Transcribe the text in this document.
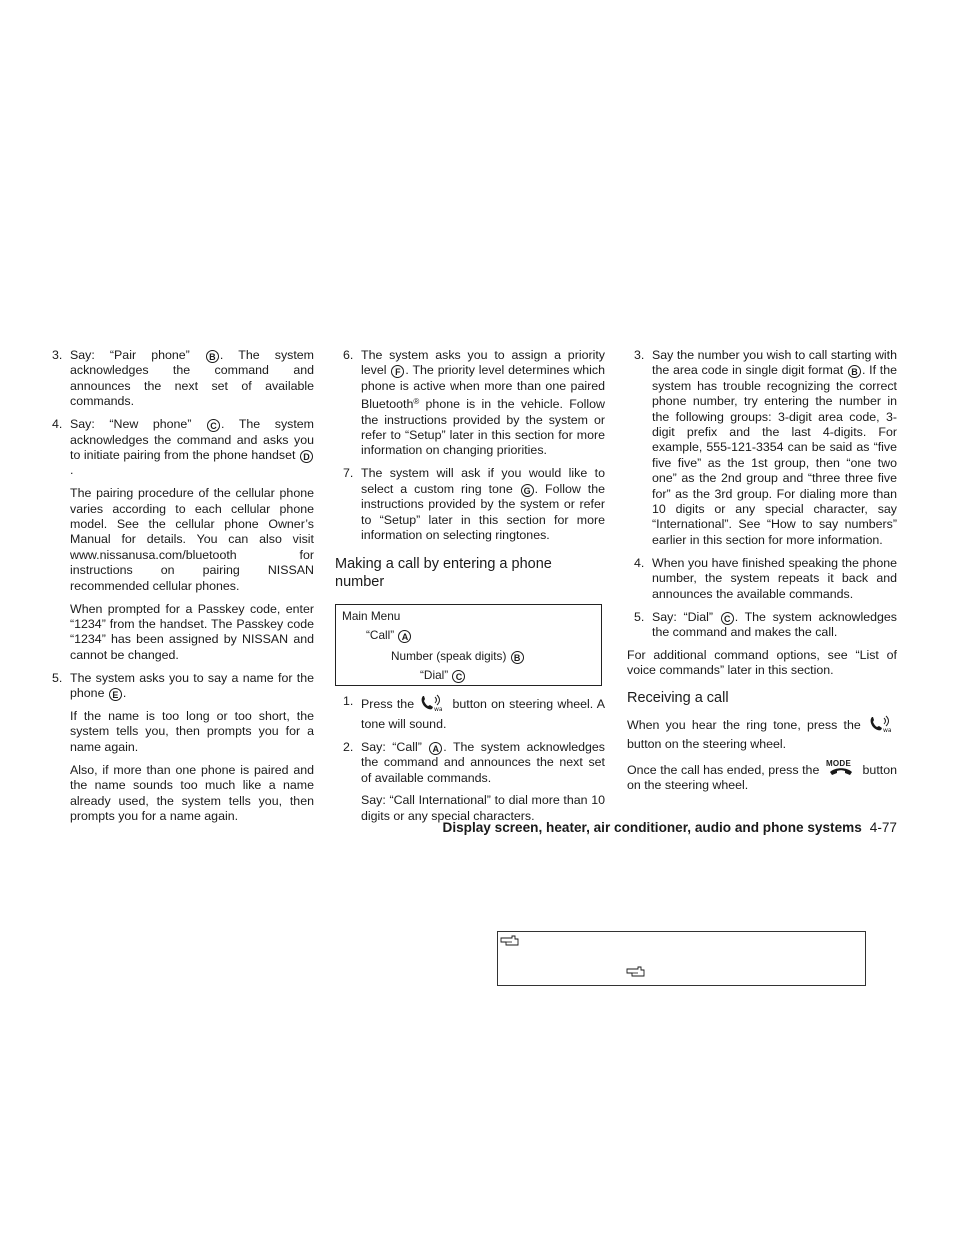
3. Say: “Pair phone” B . The system acknowledges the command and announces the next set of available commands.
4. Say: “New phone” C . The system acknowledges the command and asks you to initiate pairing from the phone handset D.
The pairing procedure of the cellular phone varies according to each cellular phone model. See the cellular phone Owner’s Manual for details. You can also visit www.nissanusa.com/bluetooth for instructions on pairing NISSAN recommended cellular phones.
When prompted for a Passkey code, enter “1234” from the handset. The Passkey code “1234” has been assigned by NISSAN and cannot be changed.
5. The system asks you to say a name for the phone E .
If the name is too long or too short, the system tells you, then prompts you for a name again.
Also, if more than one phone is paired and the name sounds too much like a name already used, the system tells you, then prompts you for a name again.
6. The system asks you to assign a priority level F . The priority level determines which phone is active when more than one paired Bluetooth® phone is in the vehicle. Follow the instructions provided by the system or refer to “Setup” later in this section for more information on changing priorities.
7. The system will ask if you would like to select a custom ring tone G . Follow the instructions provided by the system or refer to “Setup” later in this section for more information on selecting ringtones.
Making a call by entering a phone number
Main Menu
“Call” A
Number (speak digits) B
“Dial” C
1. Press the	wa button on steering wheel. A tone will sound.
2. Say: “Call” A . The system acknowledges the command and announces the next set of available commands.
Say: “Call International” to dial more than 10 digits or any special characters.
3. Say the number you wish to call starting with the area code in single digit format B . If the system has trouble recognizing the correct phone number, try entering the number in the following groups: 3-digit area code, 3-digit prefix and the last 4-digits. For example, 555-121-3354 can be said as “five five five” as the 1st group, then “one two one” as the 2nd group and “three three five for” as the 3rd group. For dialing more than 10 digits or any special character, say “International”. See “How to say numbers” earlier in this section for more information.
4. When you have finished speaking the phone number, the system repeats it back and announces the available commands.
5. Say: “Dial” C . The system acknowledges the command and makes the call.
For additional command options, see “List of voice commands” later in this section.
Receiving a call
When you hear the ring tone, press the	wa
button on the steering wheel.
Once the call has ended, press the MODE button on the steering wheel.
Display screen, heater, air conditioner, audio and phone systems 4-77
